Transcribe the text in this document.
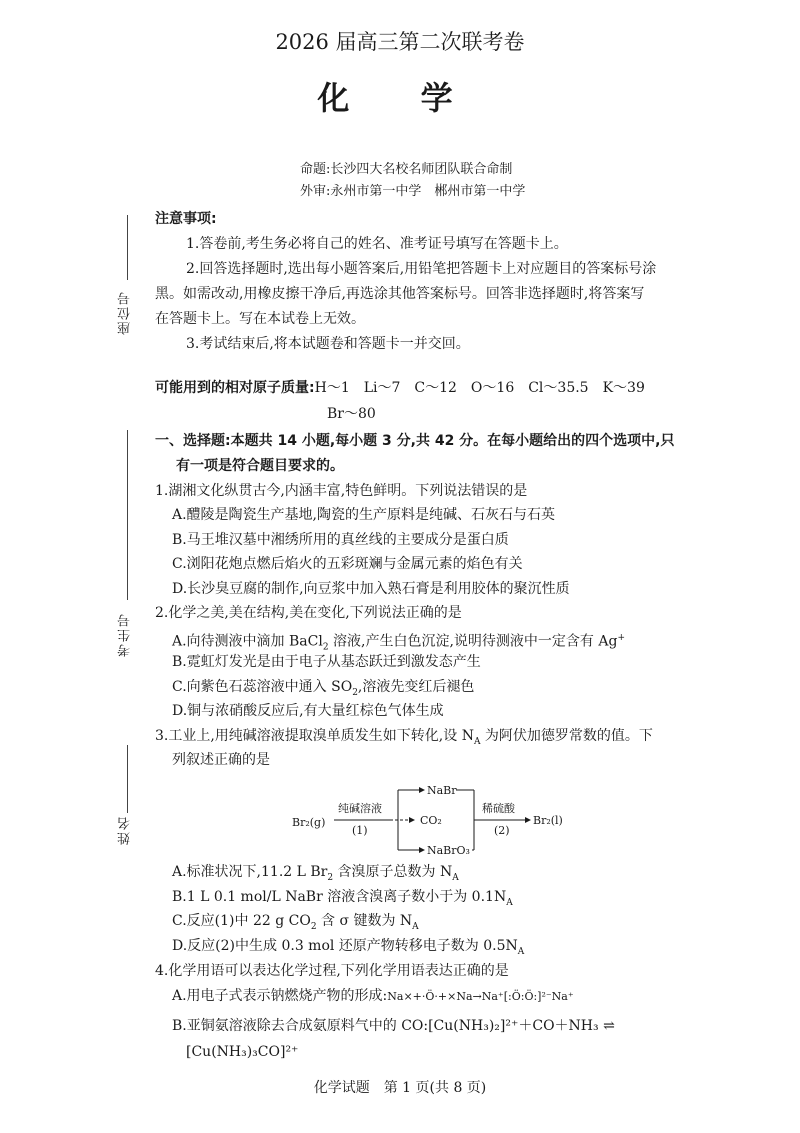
2026 届高三第二次联考卷
化 学
命题:长沙四大名校名师团队联合命制
外审:永州市第一中学　郴州市第一中学
座位号
考生号
姓名
注意事项:
1.答卷前,考生务必将自己的姓名、准考证号填写在答题卡上。
2.回答选择题时,选出每小题答案后,用铅笔把答题卡上对应题目的答案标号涂
黑。如需改动,用橡皮擦干净后,再选涂其他答案标号。回答非选择题时,将答案写
在答题卡上。写在本试卷上无效。
3.考试结束后,将本试题卷和答题卡一并交回。
可能用到的相对原子质量:H～1　Li～7　C～12　O～16　Cl～35.5　K～39
Br～80
一、选择题:本题共 14 小题,每小题 3 分,共 42 分。在每小题给出的四个选项中,只
有一项是符合题目要求的。
1.湖湘文化纵贯古今,内涵丰富,特色鲜明。下列说法错误的是
A.醴陵是陶瓷生产基地,陶瓷的生产原料是纯碱、石灰石与石英
B.马王堆汉墓中湘绣所用的真丝线的主要成分是蛋白质
C.浏阳花炮点燃后焰火的五彩斑斓与金属元素的焰色有关
D.长沙臭豆腐的制作,向豆浆中加入熟石膏是利用胶体的聚沉性质
2.化学之美,美在结构,美在变化,下列说法正确的是
A.向待测液中滴加 BaCl$_2$ 溶液,产生白色沉淀,说明待测液中一定含有 Ag+
B.霓虹灯发光是由于电子从基态跃迁到激发态产生
C.向紫色石蕊溶液中通入 $SO_2$,溶液先变红后褪色
D.铜与浓硝酸反应后,有大量红棕色气体生成
3.工业上,用纯碱溶液提取溴单质发生如下转化,设 $N_A$ 为阿伏加德罗常数的值。下
列叙述正确的是
Br₂(g)
纯碱溶液
(1)
NaBr
CO₂
NaBrO₃
稀硫酸
(2)
Br₂(l)
A.标准状况下,11.2 L $Br_2$ 含溴原子总数为 $N_A$
B.1 L 0.1 mol/L NaBr 溶液含溴离子数小于为 $0.1N_A$
C.反应(1)中 22 g $CO_2$ 含 σ 键数为 $N_A$
D.反应(2)中生成 0.3 mol 还原产物转移电子数为 $0.5N_A$
4.化学用语可以表达化学过程,下列化学用语表达正确的是
A.用电子式表示钠燃烧产物的形成:Na×+·Ö·+×Na→Na⁺[:Ö:Ö:]²⁻Na⁺
B.亚铜氨溶液除去合成氨原料气中的 CO:[Cu(NH₃)₂]²⁺＋CO＋NH₃ ⇌
[Cu(NH₃)₃CO]²⁺
化学试题　第 1 页(共 8 页)
